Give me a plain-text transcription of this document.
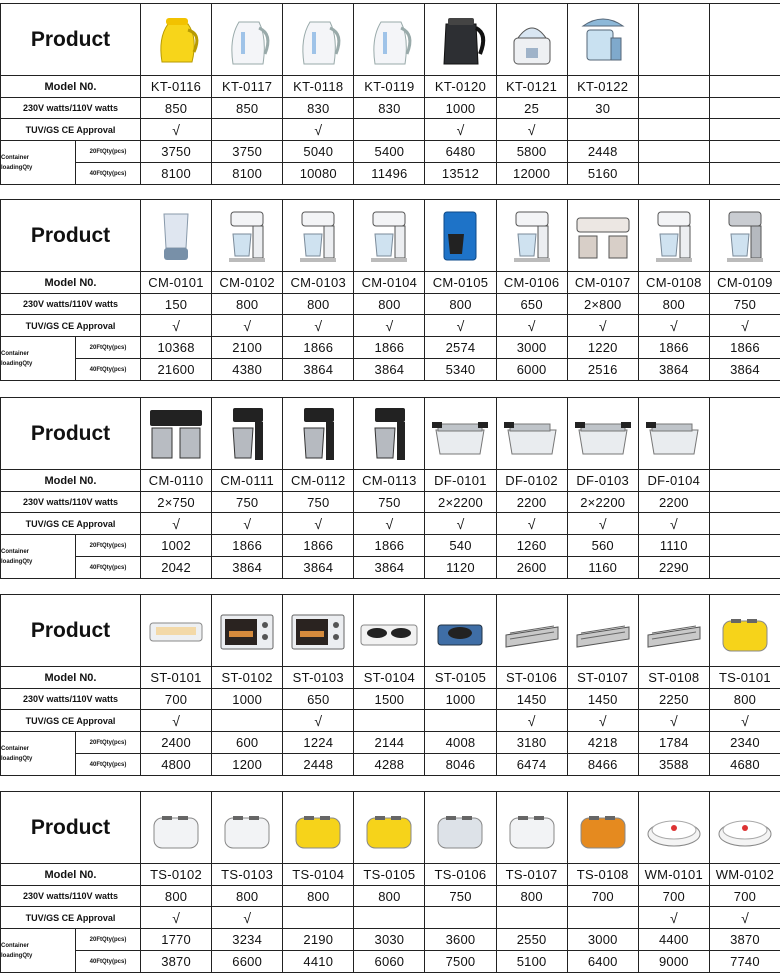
Product	

Model N0.		KT-0116	KT-0117	KT-0118	KT-0119	KT-0120	KT-0121	KT-0122		
230V watts/110V watts		850	850	830	830	1000	25	30		
TUV/GS CE Approval		√		√		√	√			

Container
loadingQty	20FtQty(pcs)	3750	3750	5040	5400	6480	5800	2448		
	40FtQty(pcs)	8100	8100	10080	11496	13512	12000	5160		
Product	

Model N0.		CM-0101	CM-0102	CM-0103	CM-0104	CM-0105	CM-0106	CM-0107	CM-0108	CM-0109
230V watts/110V watts		150	800	800	800	800	650	2×800	800	750
TUV/GS CE Approval		√	√	√	√	√	√	√	√	√

Container
loadingQty	20FtQty(pcs)	10368	2100	1866	1866	2574	3000	1220	1866	1866
	40FtQty(pcs)	21600	4380	3864	3864	5340	6000	2516	3864	3864
Product	

Model N0.		CM-0110	CM-0111	CM-0112	CM-0113	DF-0101	DF-0102	DF-0103	DF-0104	
230V watts/110V watts		2×750	750	750	750	2×2200	2200	2×2200	2200	
TUV/GS CE Approval		√	√	√	√	√	√	√	√	

Container
loadingQty	20FtQty(pcs)	1002	1866	1866	1866	540	1260	560	1110	
	40FtQty(pcs)	2042	3864	3864	3864	1120	2600	1160	2290	
Product	

Model N0.		ST-0101	ST-0102	ST-0103	ST-0104	ST-0105	ST-0106	ST-0107	ST-0108	TS-0101
230V watts/110V watts		700	1000	650	1500	1000	1450	1450	2250	800
TUV/GS CE Approval		√		√			√	√	√	√

Container
loadingQty	20FtQty(pcs)	2400	600	1224	2144	4008	3180	4218	1784	2340
	40FtQty(pcs)	4800	1200	2448	4288	8046	6474	8466	3588	4680
Product	

Model N0.		TS-0102	TS-0103	TS-0104	TS-0105	TS-0106	TS-0107	TS-0108	WM-0101	WM-0102
230V watts/110V watts		800	800	800	800	750	800	700	700	700
TUV/GS CE Approval		√	√						√	√

Container
loadingQty	20FtQty(pcs)	1770	3234	2190	3030	3600	2550	3000	4400	3870
	40FtQty(pcs)	3870	6600	4410	6060	7500	5100	6400	9000	7740
